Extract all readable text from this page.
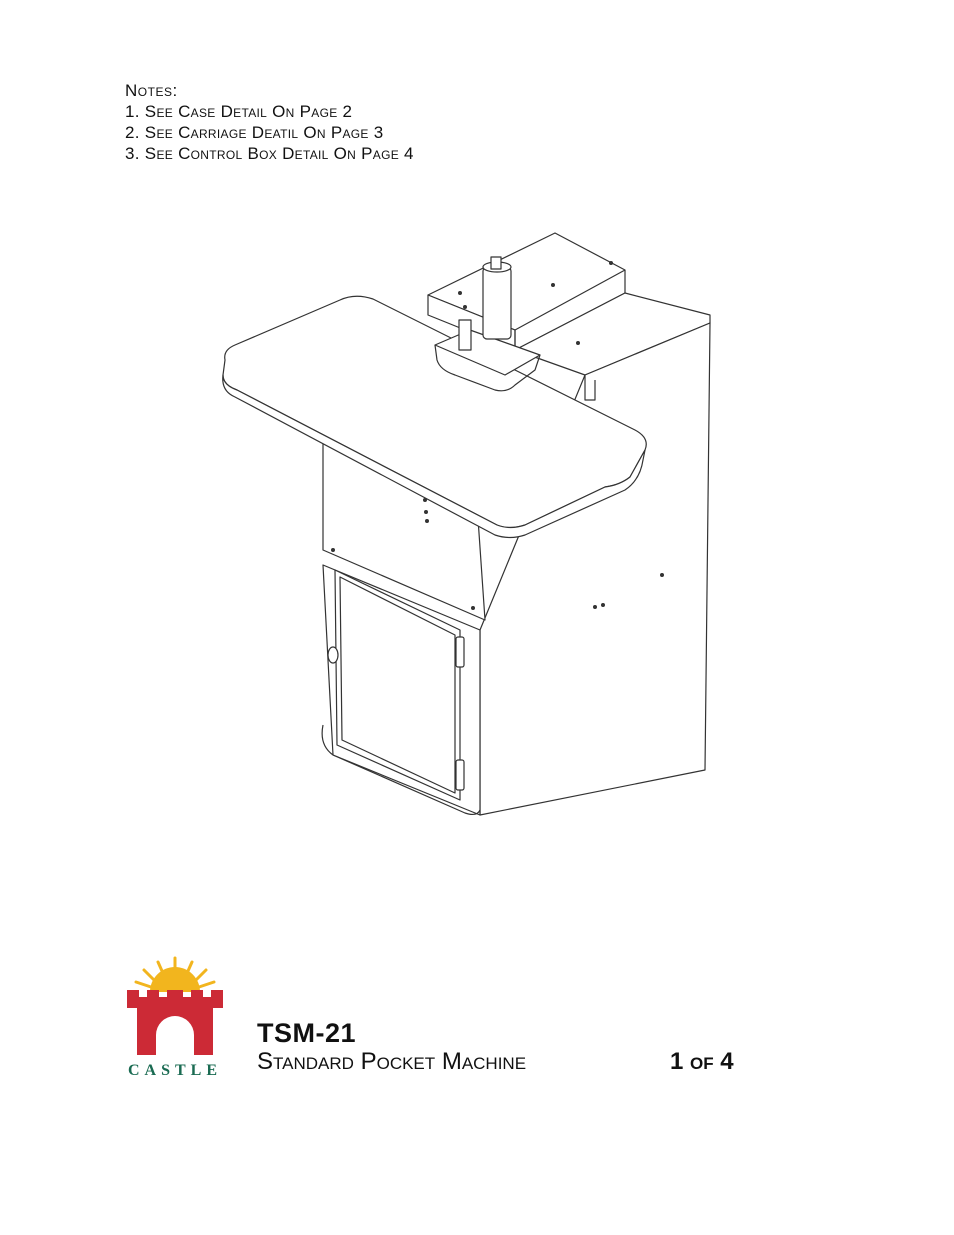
Notes:
1. See Case Detail On Page 2
2. See Carriage Deatil On Page 3
3. See Control Box Detail On Page 4
CASTLE
TSM-21
Standard Pocket Machine	1 of 4
